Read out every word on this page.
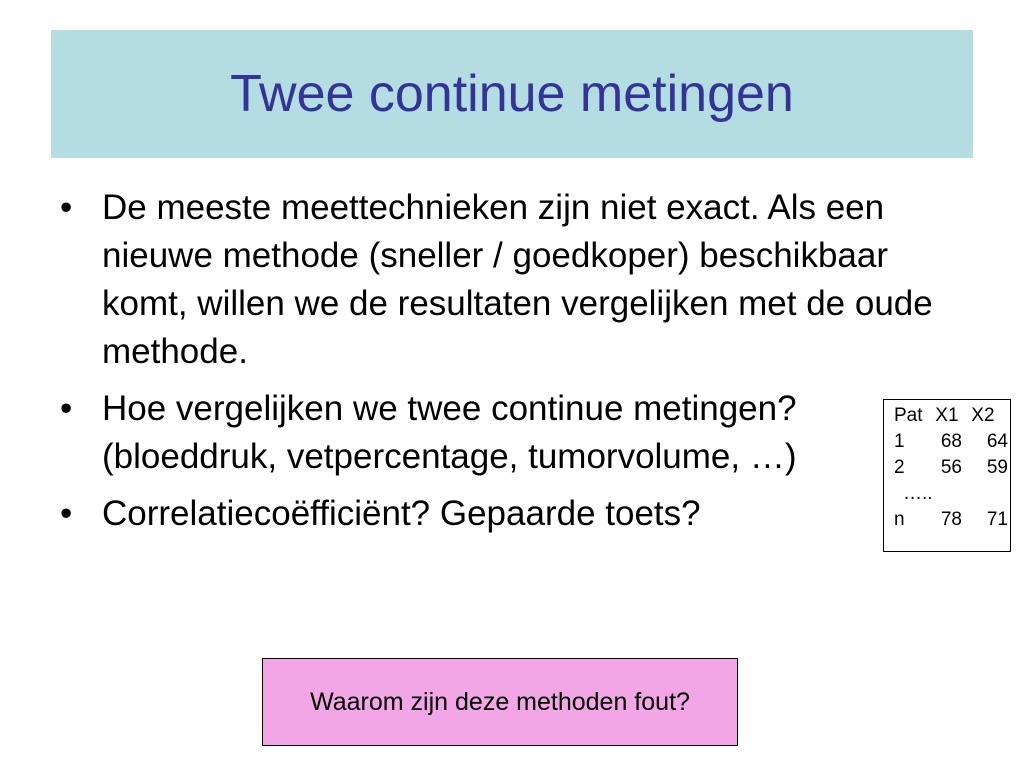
Twee continue metingen
• De meeste meettechnieken zijn niet exact. Als een nieuwe methode (sneller / goedkoper) beschikbaar komt, willen we de resultaten vergelijken met de oude methode.
• Hoe vergelijken we twee continue metingen? (bloeddruk, vetpercentage, tumorvolume, …)
• Correlatiecoëfficiënt? Gepaarde toets?
Pat X1 X2
1	68	64
2	56	59
…..
n	78	71
Waarom zijn deze methoden fout?
